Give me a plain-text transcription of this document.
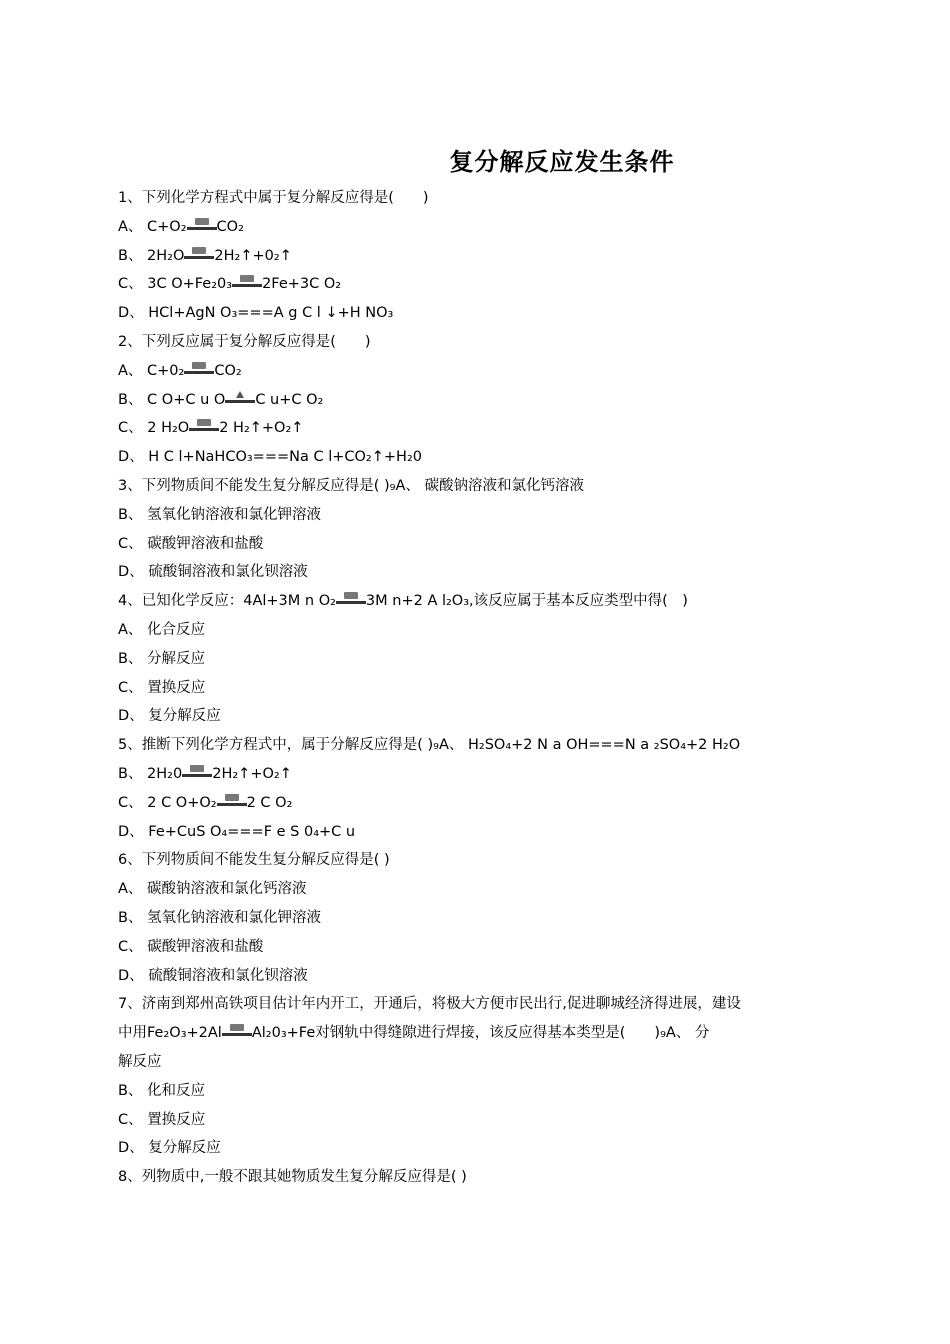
复分解反应发生条件
1、下列化学方程式中属于复分解反应得是(　　)
A、 C+O₂ CO₂
B、 2H₂O 2H₂↑+0₂↑
C、 3C O+Fe₂0₃ 2Fe+3C O₂
D、 HCl+AgN O₃===A g C l ↓+H NO₃
2、下列反应属于复分解反应得是(　　)
A、 C+0₂ CO₂
B、 C O+C u O C u+C O₂
C、 2 H₂O 2 H₂↑+O₂↑
D、 H C l+NaHCO₃===Na C l+CO₂↑+H₂0
3、下列物质间不能发生复分解反应得是( )₉A、 碳酸钠溶液和氯化钙溶液
B、 氢氧化钠溶液和氯化钾溶液
C、 碳酸钾溶液和盐酸
D、 硫酸铜溶液和氯化钡溶液
4、已知化学反应：4Al+3M n O₂ 3M n+2 A l₂O₃,该反应属于基本反应类型中得(　)
A、 化合反应
B、 分解反应
C、 置换反应
D、 复分解反应
5、推断下列化学方程式中，属于分解反应得是( )₉A、 H₂SO₄+2 N a OH===N a ₂SO₄+2 H₂O
B、 2H₂0 2H₂↑+O₂↑
C、 2 C O+O₂ 2 C O₂
D、 Fe+CuS O₄===F e S 0₄+C u
6、下列物质间不能发生复分解反应得是( )
A、 碳酸钠溶液和氯化钙溶液
B、 氢氧化钠溶液和氯化钾溶液
C、 碳酸钾溶液和盐酸
D、 硫酸铜溶液和氯化钡溶液
7、济南到郑州高铁项目估计年内开工，开通后，将极大方便市民出行,促进聊城经济得进展，建设
中用Fe₂O₃+2Al Al₂0₃+Fe对钢轨中得缝隙进行焊接，该反应得基本类型是(　　)₉A、 分
解反应
B、 化和反应
C、 置换反应
D、 复分解反应
8、列物质中,一般不跟其她物质发生复分解反应得是( )
